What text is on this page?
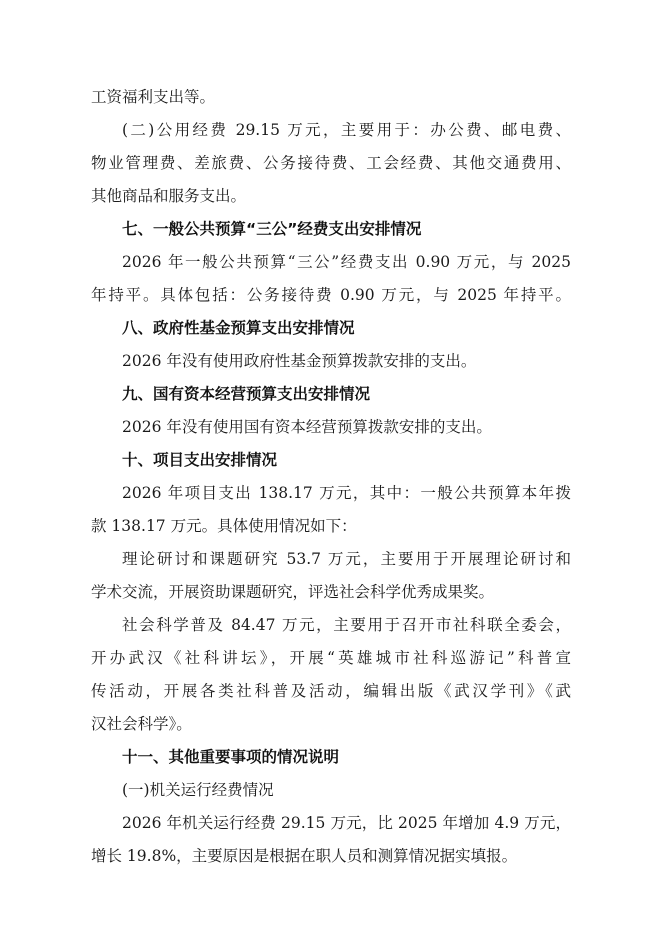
工资福利支出等。
(二)公用经费 29.15 万元，主要用于：办公费、邮电费、
物业管理费、差旅费、公务接待费、工会经费、其他交通费用、
其他商品和服务支出。
七、一般公共预算“三公”经费支出安排情况
2026 年一般公共预算“三公”经费支出 0.90 万元，与 2025
年持平。具体包括：公务接待费 0.90 万元，与 2025 年持平。
八、政府性基金预算支出安排情况
2026 年没有使用政府性基金预算拨款安排的支出。
九、国有资本经营预算支出安排情况
2026 年没有使用国有资本经营预算拨款安排的支出。
十、项目支出安排情况
2026 年项目支出 138.17 万元，其中：一般公共预算本年拨
款 138.17 万元。具体使用情况如下：
理论研讨和课题研究 53.7 万元，主要用于开展理论研讨和
学术交流，开展资助课题研究，评选社会科学优秀成果奖。
社会科学普及 84.47 万元，主要用于召开市社科联全委会，
开办武汉《社科讲坛》，开展“英雄城市社科巡游记”科普宣
传活动，开展各类社科普及活动，编辑出版《武汉学刊》《武
汉社会科学》。
十一、其他重要事项的情况说明
(一)机关运行经费情况
2026 年机关运行经费 29.15 万元，比 2025 年增加 4.9 万元，
增长 19.8%，主要原因是根据在职人员和测算情况据实填报。
